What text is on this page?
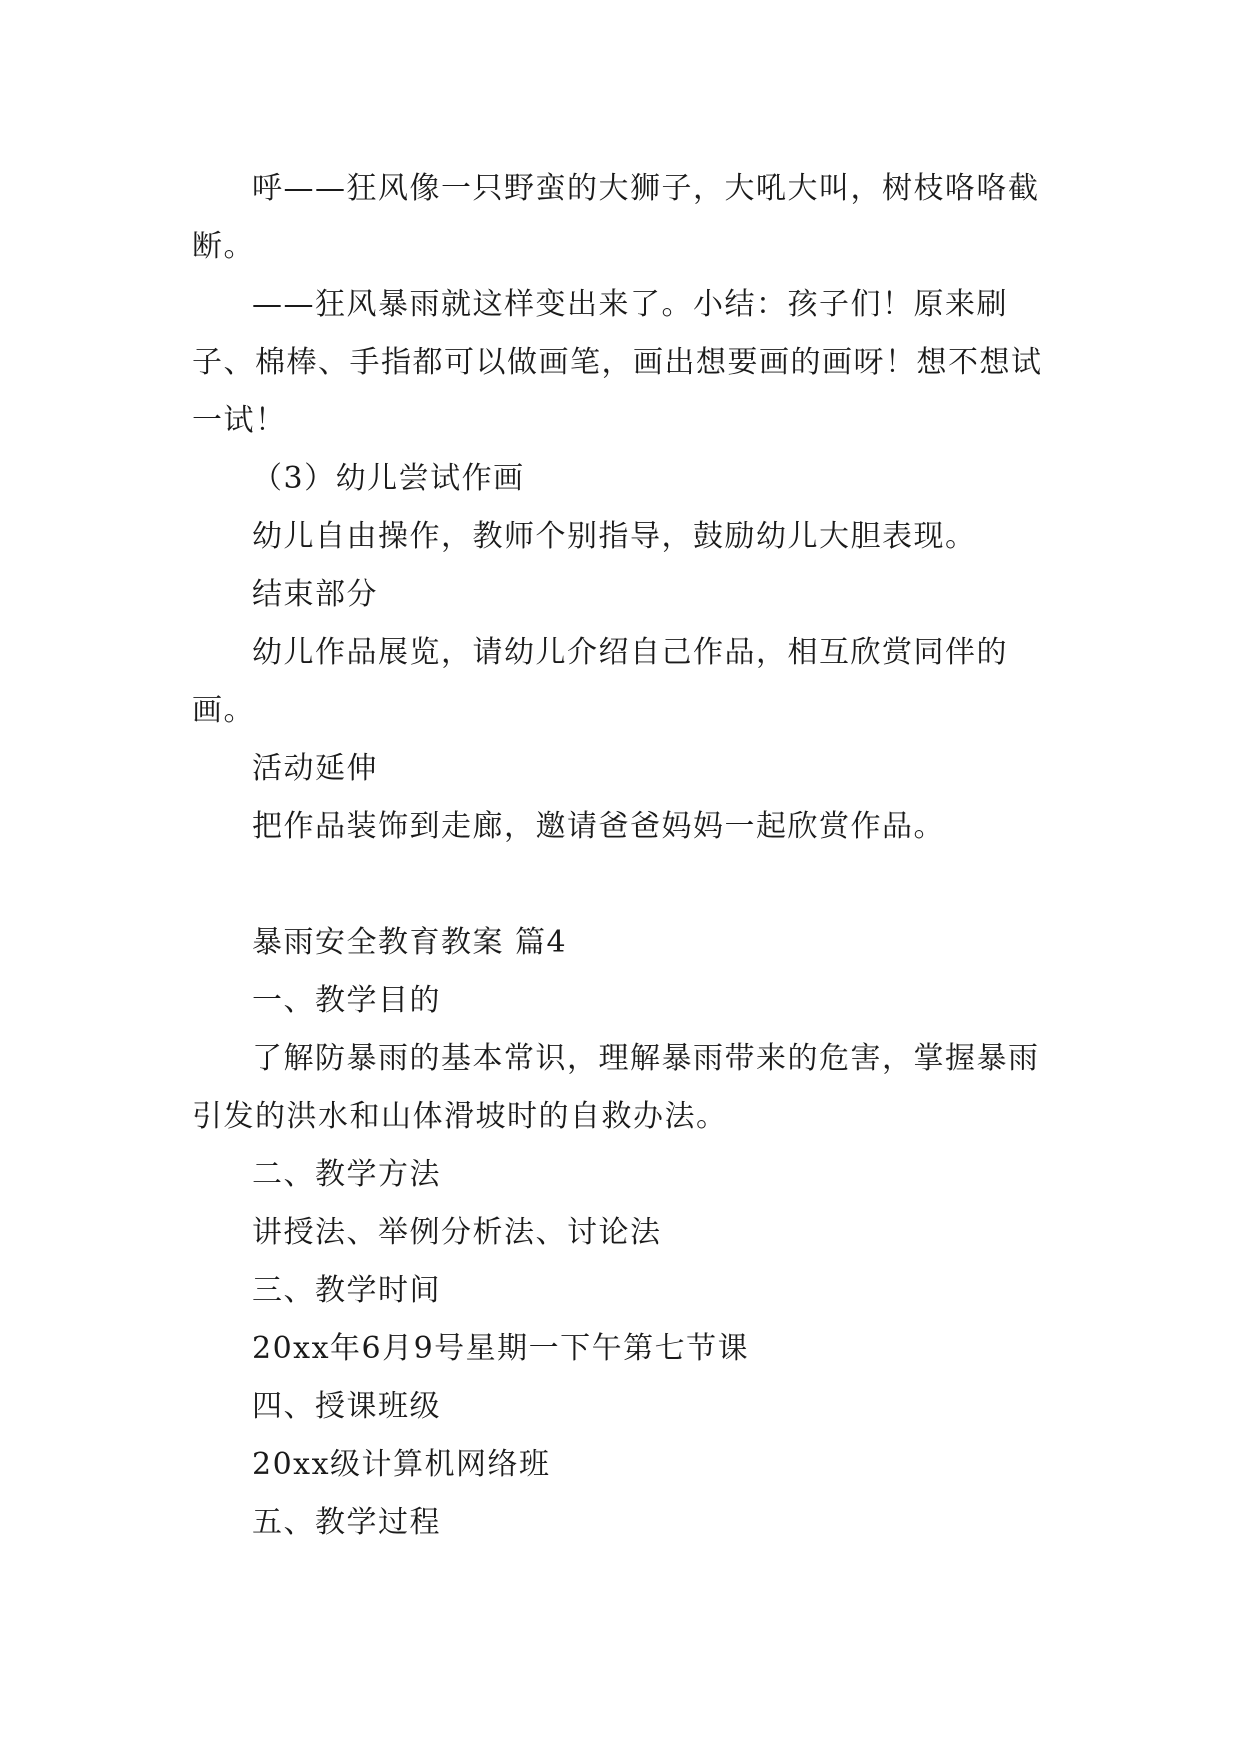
呼——狂风像一只野蛮的大狮子，大吼大叫，树枝咯咯截断。

——狂风暴雨就这样变出来了。小结：孩子们！原来刷子、棉棒、手指都可以做画笔，画出想要画的画呀！想不想试一试！

（3）幼儿尝试作画

幼儿自由操作，教师个别指导，鼓励幼儿大胆表现。

结束部分

幼儿作品展览，请幼儿介绍自己作品，相互欣赏同伴的画。

活动延伸

把作品装饰到走廊，邀请爸爸妈妈一起欣赏作品。

暴雨安全教育教案 篇4

一、教学目的

了解防暴雨的基本常识，理解暴雨带来的危害，掌握暴雨引发的洪水和山体滑坡时的自救办法。

二、教学方法

讲授法、举例分析法、讨论法

三、教学时间

20xx年6月9号星期一下午第七节课

四、授课班级

20xx级计算机网络班

五、教学过程
